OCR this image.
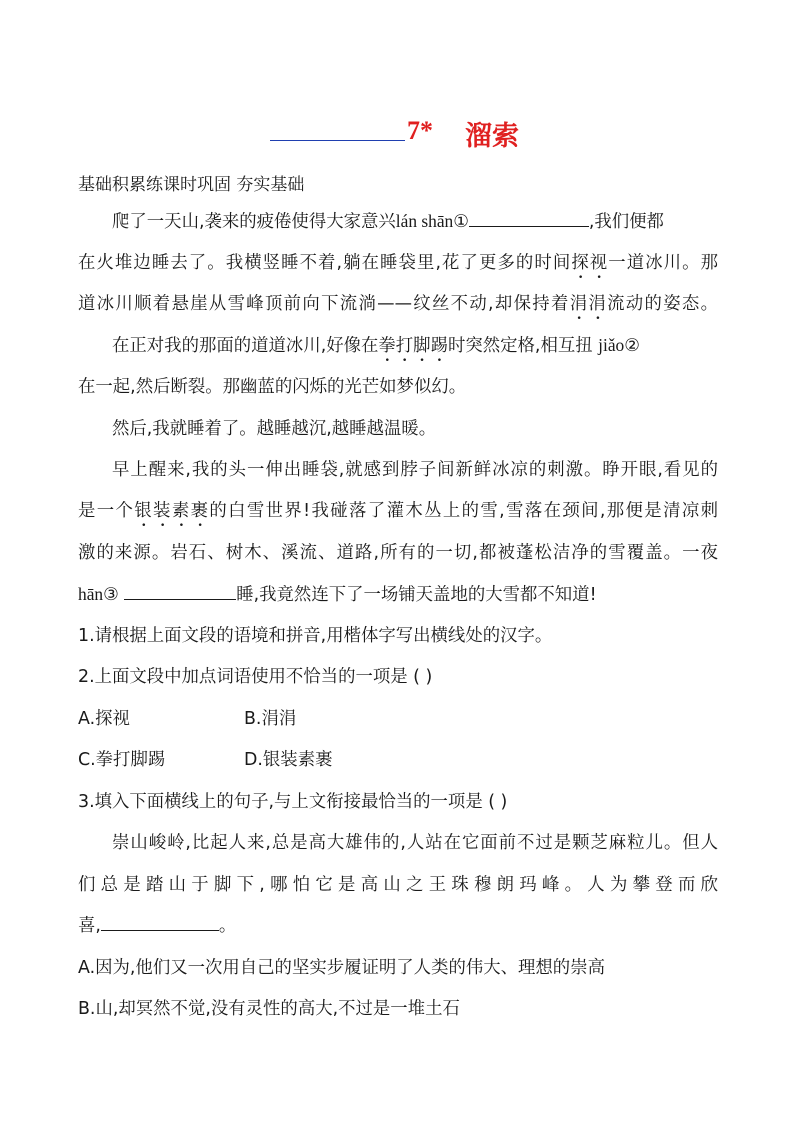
7* 溜索
基础积累练课时巩固 夯实基础
爬了一天山,袭来的疲倦使得大家意兴lán shān①	,我们便都
在火堆边睡去了。我横竖睡不着,躺在睡袋里,花了更多的时间探视一道冰川。那
道冰川顺着悬崖从雪峰顶前向下流淌——纹丝不动,却保持着涓涓流动的姿态。
在正对我的那面的道道冰川,好像在拳打脚踢时突然定格,相互扭 jiǎo②
在一起,然后断裂。那幽蓝的闪烁的光芒如梦似幻。
然后,我就睡着了。越睡越沉,越睡越温暖。
早上醒来,我的头一伸出睡袋,就感到脖子间新鲜冰凉的刺激。睁开眼,看见的
是一个银装素裹的白雪世界!我碰落了灌木丛上的雪,雪落在颈间,那便是清凉刺
激的来源。岩石、树木、溪流、道路,所有的一切,都被蓬松洁净的雪覆盖。一夜
hān③	睡,我竟然连下了一场铺天盖地的大雪都不知道!
1.请根据上面文段的语境和拼音,用楷体字写出横线处的汉字。
2.上面文段中加点词语使用不恰当的一项是 ( )
A.探视	B.涓涓
C.拳打脚踢	D.银装素裹
3.填入下面横线上的句子,与上文衔接最恰当的一项是 ( )
崇山峻岭,比起人来,总是高大雄伟的,人站在它面前不过是颗芝麻粒儿。但人
们总是踏山于脚下,哪怕它是高山之王珠穆朗玛峰。人为攀登而欣
喜,	。
A.因为,他们又一次用自己的坚实步履证明了人类的伟大、理想的崇高
B.山,却冥然不觉,没有灵性的高大,不过是一堆土石
